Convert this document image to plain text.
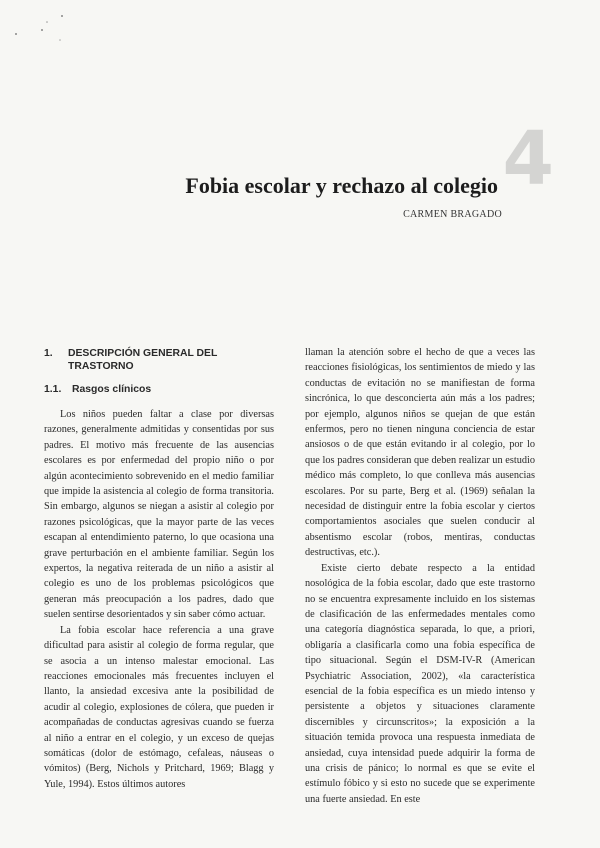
4
Fobia escolar y rechazo al colegio
CARMEN BRAGADO
1.	DESCRIPCIÓN GENERAL DEL TRASTORNO
1.1.	Rasgos clínicos

Los niños pueden faltar a clase por diversas razones, generalmente admitidas y consentidas por sus padres. El motivo más frecuente de las ausencias escolares es por enfermedad del propio niño o por algún acontecimiento sobrevenido en el medio familiar que impide la asistencia al colegio de forma transitoria. Sin embargo, algunos se niegan a asistir al colegio por razones psicológicas, que la mayor parte de las veces escapan al entendimiento paterno, lo que ocasiona una grave perturbación en el ambiente familiar. Según los expertos, la negativa reiterada de un niño a asistir al colegio es uno de los problemas psicológicos que generan más preocupación a los padres, dado que suelen sentirse desorientados y sin saber cómo actuar.

La fobia escolar hace referencia a una grave dificultad para asistir al colegio de forma regular, que se asocia a un intenso malestar emocional. Las reacciones emocionales más frecuentes incluyen el llanto, la ansiedad excesiva ante la posibilidad de acudir al colegio, explosiones de cólera, que pueden ir acompañadas de conductas agresivas cuando se fuerza al niño a entrar en el colegio, y un exceso de quejas somáticas (dolor de estómago, cefaleas, náuseas o vómitos) (Berg, Nichols y Pritchard, 1969; Blagg y Yule, 1994). Estos últimos autores

llaman la atención sobre el hecho de que a veces las reacciones fisiológicas, los sentimientos de miedo y las conductas de evitación no se manifiestan de forma sincrónica, lo que desconcierta aún más a los padres; por ejemplo, algunos niños se quejan de que están enfermos, pero no tienen ninguna conciencia de estar ansiosos o de que están evitando ir al colegio, por lo que los padres consideran que deben realizar un estudio médico más completo, lo que conlleva más ausencias escolares. Por su parte, Berg et al. (1969) señalan la necesidad de distinguir entre la fobia escolar y ciertos comportamientos asociales que suelen conducir al absentismo escolar (robos, mentiras, conductas destructivas, etc.).

Existe cierto debate respecto a la entidad nosológica de la fobia escolar, dado que este trastorno no se encuentra expresamente incluido en los sistemas de clasificación de las enfermedades mentales como una categoría diagnóstica separada, lo que, a priori, obligaría a clasificarla como una fobia específica de tipo situacional. Según el DSM-IV-R (American Psychiatric Association, 2002), «la característica esencial de la fobia específica es un miedo intenso y persistente a objetos y situaciones claramente discernibles y circunscritos»; la exposición a la situación temida provoca una respuesta inmediata de ansiedad, cuya intensidad puede adquirir la forma de una crisis de pánico; lo normal es que se evite el estímulo fóbico y si esto no sucede que se experimente una fuerte ansiedad. En este
